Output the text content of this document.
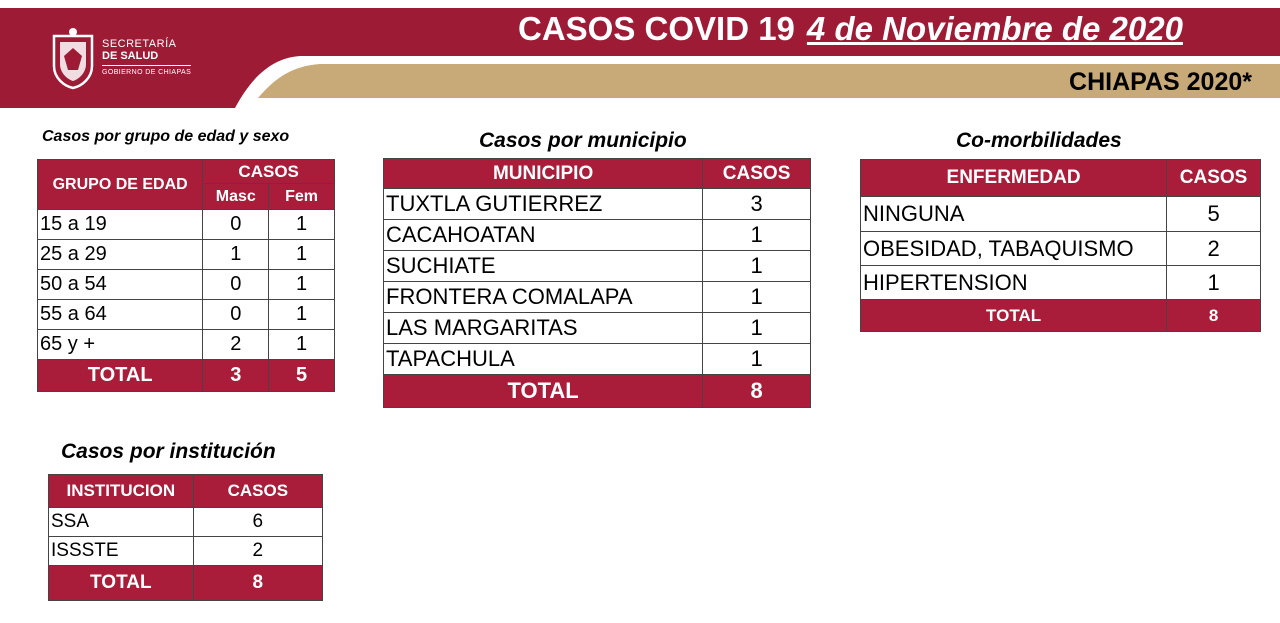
SECRETARÍA
DE SALUD
GOBIERNO DE CHIAPAS
CASOS COVID 19 4 de Noviembre de 2020
CHIAPAS 2020*
Casos por grupo de edad y sexo
GRUPO DE EDAD	CASOS	
	Masc	Fem
15 a 19	0	1
25 a 29	1	1
50 a 54	0	1
55 a 64	0	1
65 y +	2	1
TOTAL	3	5
Casos por municipio
MUNICIPIO	CASOS
TUXTLA GUTIERREZ	3
CACAHOATAN	1
SUCHIATE	1
FRONTERA COMALAPA	1
LAS MARGARITAS	1
TAPACHULA	1
TOTAL	8
Co-morbilidades
ENFERMEDAD	CASOS
NINGUNA	5
OBESIDAD, TABAQUISMO	2
HIPERTENSION	1
TOTAL	8
Casos por institución
INSTITUCION	CASOS
SSA	6
ISSSTE	2
TOTAL	8
